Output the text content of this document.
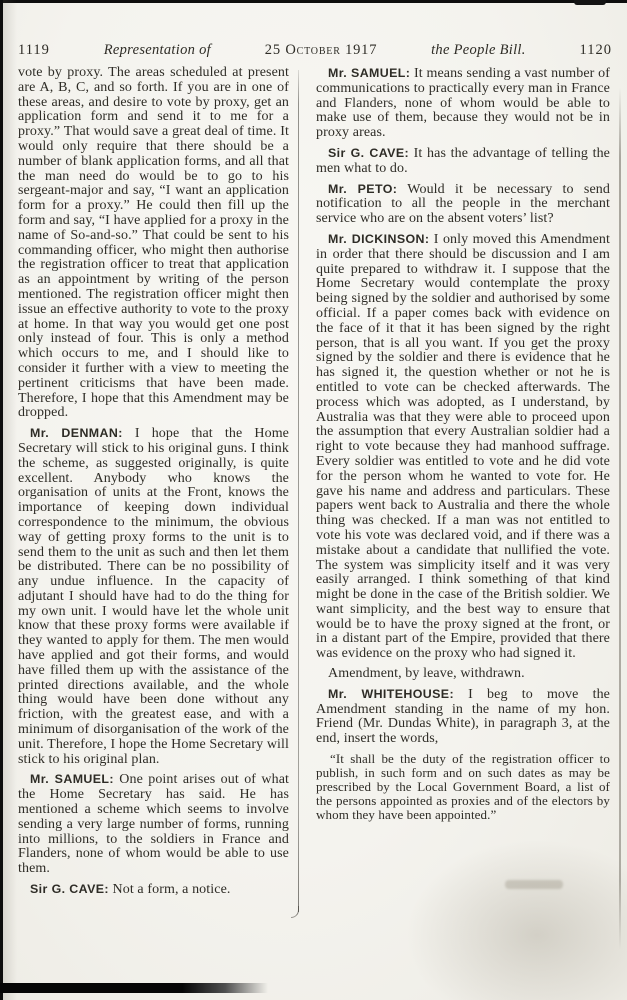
1119	Representation of	25 October 1917	the People Bill.	1120

vote by proxy. The areas scheduled at present are A, B, C, and so forth. If you are in one of these areas, and desire to vote by proxy, get an application form and send it to me for a proxy.” That would save a great deal of time. It would only require that there should be a number of blank application forms, and all that the man need do would be to go to his sergeant-major and say, “I want an application form for a proxy.” He could then fill up the form and say, “I have applied for a proxy in the name of So-and-so.” That could be sent to his commanding officer, who might then authorise the registration officer to treat that application as an appointment by writing of the person mentioned. The registration officer might then issue an effective authority to vote to the proxy at home. In that way you would get one post only instead of four. This is only a method which occurs to me, and I should like to consider it further with a view to meeting the pertinent criticisms that have been made. Therefore, I hope that this Amendment may be dropped.

Mr. DENMAN: I hope that the Home Secretary will stick to his original guns. I think the scheme, as suggested originally, is quite excellent. Anybody who knows the organisation of units at the Front, knows the importance of keeping down individual correspondence to the minimum, the obvious way of getting proxy forms to the unit is to send them to the unit as such and then let them be distributed. There can be no possibility of any undue influence. In the capacity of adjutant I should have had to do the thing for my own unit. I would have let the whole unit know that these proxy forms were available if they wanted to apply for them. The men would have applied and got their forms, and would have filled them up with the assistance of the printed directions available, and the whole thing would have been done without any friction, with the greatest ease, and with a minimum of disorganisation of the work of the unit. Therefore, I hope the Home Secretary will stick to his original plan.

Mr. SAMUEL: One point arises out of what the Home Secretary has said. He has mentioned a scheme which seems to involve sending a very large number of forms, running into millions, to the soldiers in France and Flanders, none of whom would be able to use them.

Sir G. CAVE: Not a form, a notice.

Mr. SAMUEL: It means sending a vast number of communications to practically every man in France and Flanders, none of whom would be able to make use of them, because they would not be in proxy areas.

Sir G. CAVE: It has the advantage of telling the men what to do.

Mr. PETO: Would it be necessary to send notification to all the people in the merchant service who are on the absent voters’ list?

Mr. DICKINSON: I only moved this Amendment in order that there should be discussion and I am quite prepared to withdraw it. I suppose that the Home Secretary would contemplate the proxy being signed by the soldier and authorised by some official. If a paper comes back with evidence on the face of it that it has been signed by the right person, that is all you want. If you get the proxy signed by the soldier and there is evidence that he has signed it, the question whether or not he is entitled to vote can be checked afterwards. The process which was adopted, as I understand, by Australia was that they were able to proceed upon the assumption that every Australian soldier had a right to vote because they had manhood suffrage. Every soldier was entitled to vote and he did vote for the person whom he wanted to vote for. He gave his name and address and particulars. These papers went back to Australia and there the whole thing was checked. If a man was not entitled to vote his vote was declared void, and if there was a mistake about a candidate that nullified the vote. The system was simplicity itself and it was very easily arranged. I think something of that kind might be done in the case of the British soldier. We want simplicity, and the best way to ensure that would be to have the proxy signed at the front, or in a distant part of the Empire, provided that there was evidence on the proxy who had signed it.

Amendment, by leave, withdrawn.

Mr. WHITEHOUSE: I beg to move the Amendment standing in the name of my hon. Friend (Mr. Dundas White), in paragraph 3, at the end, insert the words,

“It shall be the duty of the registration officer to publish, in such form and on such dates as may be prescribed by the Local Government Board, a list of the persons appointed as proxies and of the electors by whom they have been appointed.”
